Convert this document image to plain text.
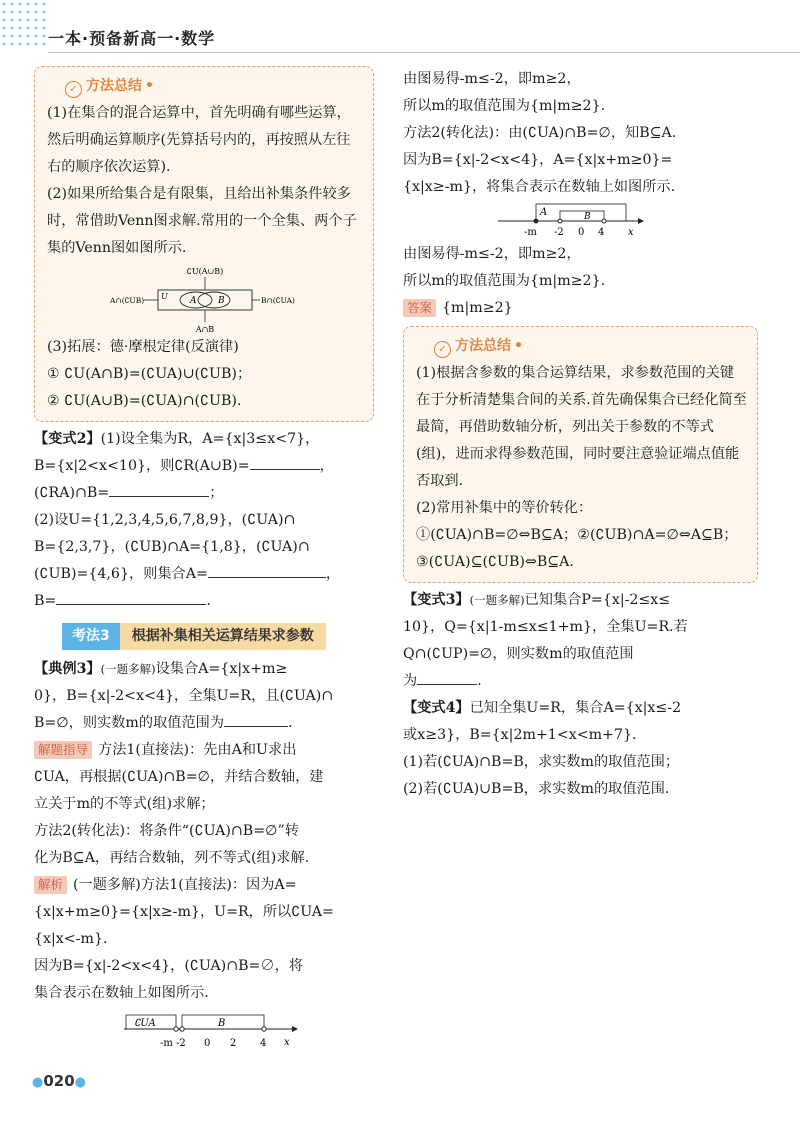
一本·预备新高一·数学
✓ 方法总结 •

(1)在集合的混合运算中，首先明确有哪些运算，然后明确运算顺序(先算括号内的，再按照从左往右的顺序依次运算).

(2)如果所给集合是有限集，且给出补集条件较多时，常借助Venn图求解.常用的一个全集、两个子集的Venn图如图所示.

∁U(A∪B)
U A B
A∩(∁UB)	B∩(∁UA)
A∩B

(3)拓展：德·摩根定律(反演律)

① ∁U(A∩B)=(∁UA)∪(∁UB)；

② ∁U(A∪B)=(∁UA)∩(∁UB).

【变式2】(1)设全集为R，A={x|3≤x<7}，

B={x|2<x<10}，则∁R(A∪B)=	，

(∁RA)∩B=	；

(2)设U={1,2,3,4,5,6,7,8,9}，(∁UA)∩

B={2,3,7}，(∁UB)∩A={1,8}，(∁UA)∩

(∁UB)={4,6}，则集合A=	，

B=	.

考法3 根据补集相关运算结果求参数

【典例3】(一题多解)设集合A={x|x+m≥

0}，B={x|-2<x<4}，全集U=R，且(∁UA)∩

B=∅，则实数m的取值范围为	.

解题指导 方法1(直接法)：先由A和U求出

∁UA，再根据(∁UA)∩B=∅，并结合数轴，建

立关于m的不等式(组)求解；

方法2(转化法)：将条件“(∁UA)∩B=∅”转

化为B⊆A，再结合数轴，列不等式(组)求解.

解析 (一题多解)方法1(直接法)：因为A=

{x|x+m≥0}={x|x≥-m}，U=R，所以∁UA=

{x|x<-m}.

因为B={x|-2<x<4}，(∁UA)∩B=∅，将

集合表示在数轴上如图所示.

∁UA	B
-m -2 0 2 4 x

由图易得-m≤-2，即m≥2，

所以m的取值范围为{m|m≥2}.

方法2(转化法)：由(∁UA)∩B=∅，知B⊆A.

因为B={x|-2<x<4}，A={x|x+m≥0}=

{x|x≥-m}，将集合表示在数轴上如图所示.

A	B
-m -2 0 4 x

由图易得-m≤-2，即m≥2，

所以m的取值范围为{m|m≥2}.

答案 {m|m≥2}

✓ 方法总结 •

(1)根据含参数的集合运算结果，求参数范围的关键在于分析清楚集合间的关系.首先确保集合已经化简至最简，再借助数轴分析，列出关于参数的不等式(组)，进而求得参数范围，同时要注意验证端点值能否取到.

(2)常用补集中的等价转化：①(∁UA)∩B=∅⇔B⊆A；②(∁UB)∩A=∅⇔A⊆B；③(∁UA)⊆(∁UB)⇔B⊆A.

【变式3】(一题多解)已知集合P={x|-2≤x≤

10}，Q={x|1-m≤x≤1+m}，全集U=R.若

Q∩(∁UP)=∅，则实数m的取值范围

为	.

【变式4】已知全集U=R，集合A={x|x≤-2

或x≥3}，B={x|2m+1<x<m+7}.

(1)若(∁UA)∩B=B，求实数m的取值范围；

(2)若(∁UA)∪B=B，求实数m的取值范围.

●020●
